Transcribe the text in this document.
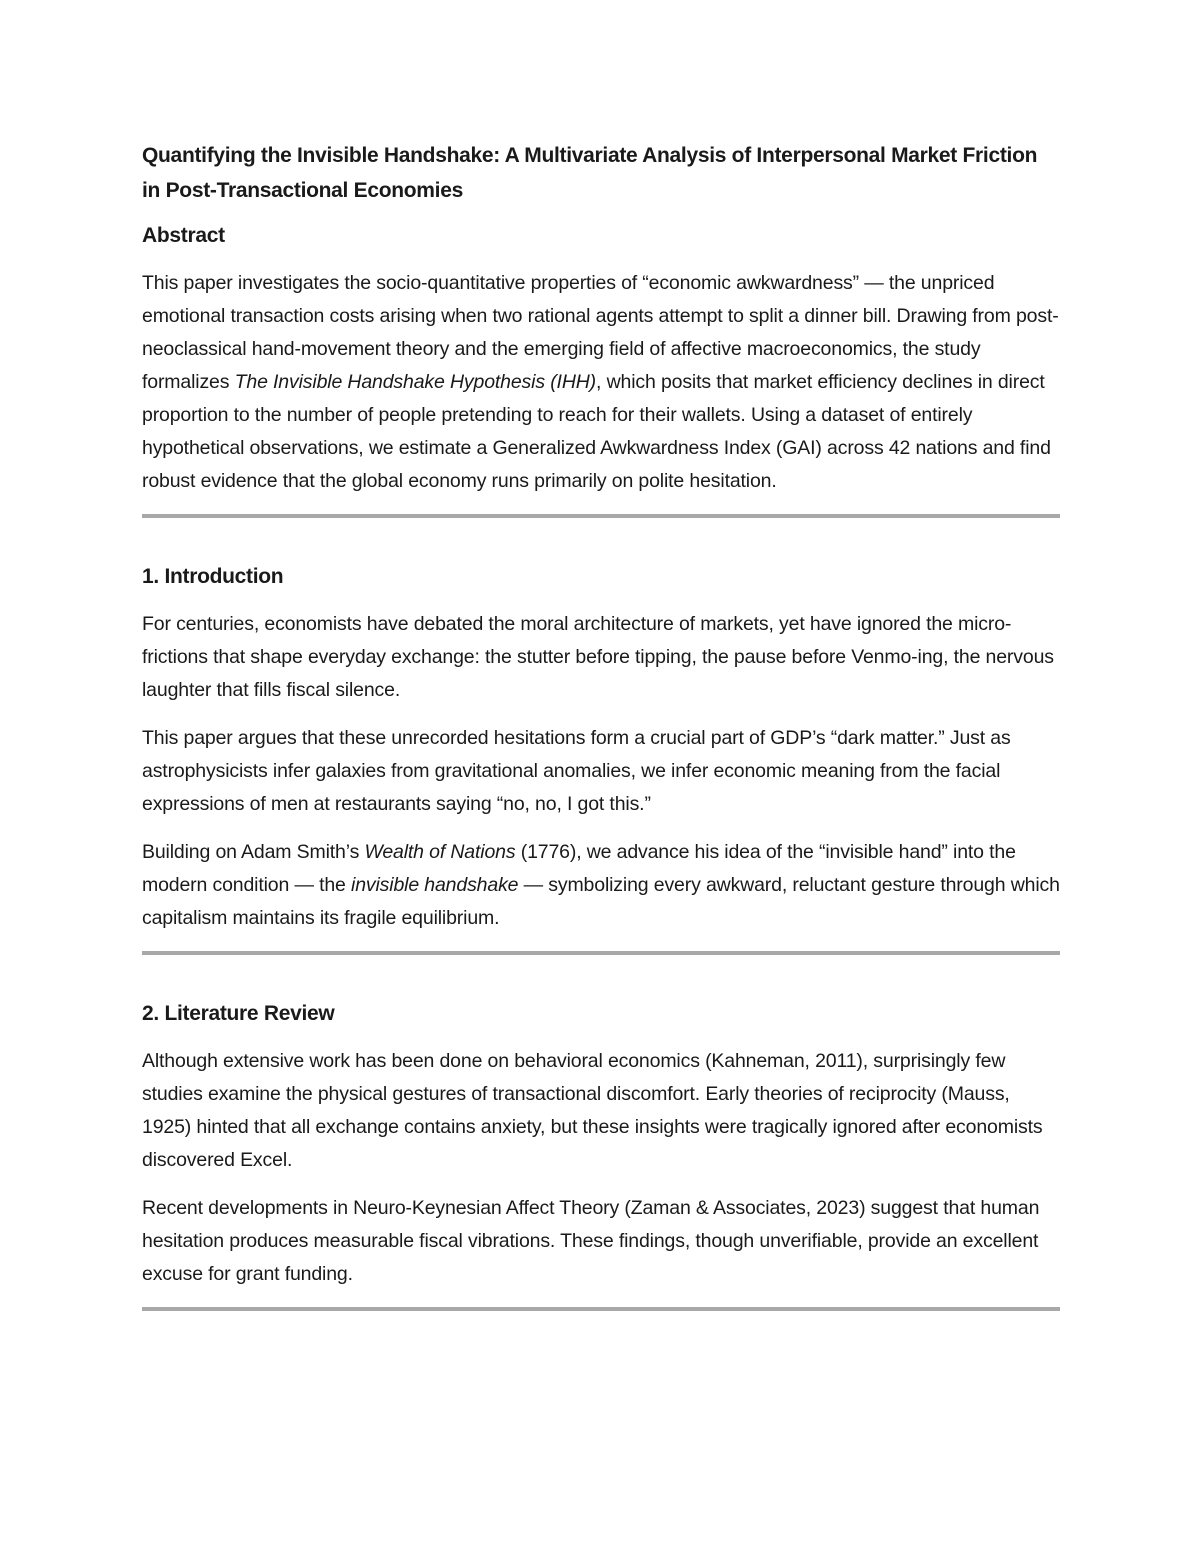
Quantifying the Invisible Handshake: A Multivariate Analysis of Interpersonal Market Friction
in Post-Transactional Economies
Abstract

This paper investigates the socio-quantitative properties of “economic awkwardness” — the unpriced emotional transaction costs arising when two rational agents attempt to split a dinner bill. Drawing from post-neoclassical hand-movement theory and the emerging field of affective macroeconomics, the study formalizes The Invisible Handshake Hypothesis (IHH), which posits that market efficiency declines in direct proportion to the number of people pretending to reach for their wallets. Using a dataset of entirely hypothetical observations, we estimate a Generalized Awkwardness Index (GAI) across 42 nations and find robust evidence that the global economy runs primarily on polite hesitation.

1. Introduction

For centuries, economists have debated the moral architecture of markets, yet have ignored the micro-frictions that shape everyday exchange: the stutter before tipping, the pause before Venmo-ing, the nervous laughter that fills fiscal silence.

This paper argues that these unrecorded hesitations form a crucial part of GDP’s “dark matter.” Just as astrophysicists infer galaxies from gravitational anomalies, we infer economic meaning from the facial expressions of men at restaurants saying “no, no, I got this.”

Building on Adam Smith’s Wealth of Nations (1776), we advance his idea of the “invisible hand” into the modern condition — the invisible handshake — symbolizing every awkward, reluctant gesture through which capitalism maintains its fragile equilibrium.

2. Literature Review

Although extensive work has been done on behavioral economics (Kahneman, 2011), surprisingly few studies examine the physical gestures of transactional discomfort. Early theories of reciprocity (Mauss, 1925) hinted that all exchange contains anxiety, but these insights were tragically ignored after economists discovered Excel.

Recent developments in Neuro-Keynesian Affect Theory (Zaman & Associates, 2023) suggest that human hesitation produces measurable fiscal vibrations. These findings, though unverifiable, provide an excellent excuse for grant funding.
